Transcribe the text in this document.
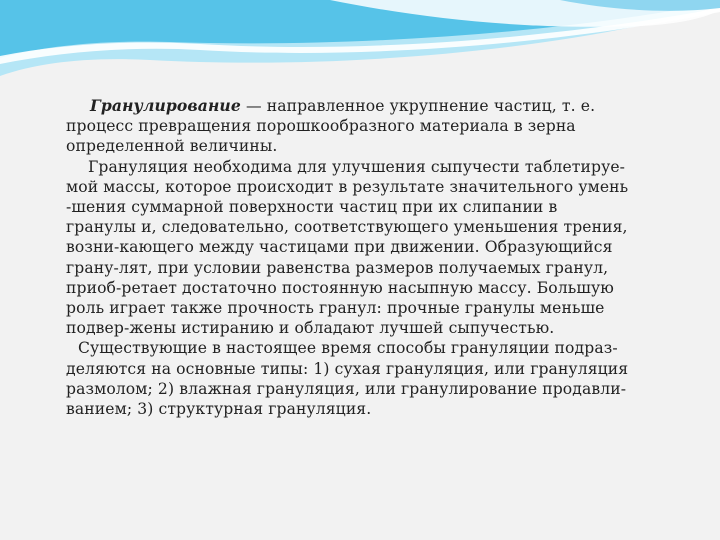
Гранулирование — направленное укрупнение частиц, т. е.
процесс превращения порошкообразного материала в зерна
определенной величины.

Грануляция необходима для улучшения сыпучести таблетируе-
мой массы, которое происходит в результате значительного умень
-шения суммарной поверхности частиц при их слипании в
гранулы и, следовательно, соответствующего уменьшения трения,
возни-кающего между частицами при движении. Образующийся
грану-лят, при условии равенства размеров получаемых гранул,
приоб-ретает достаточно постоянную насыпную массу. Большую
роль играет также прочность гранул: прочные гранулы меньше
подвер-жены истиранию и обладают лучшей сыпучестью.

Существующие в настоящее время способы грануляции подраз-
деляются на основные типы: 1) сухая грануляция, или грануляция
размолом; 2) влажная грануляция, или гранулирование продавли-
ванием; 3) структурная грануляция.
